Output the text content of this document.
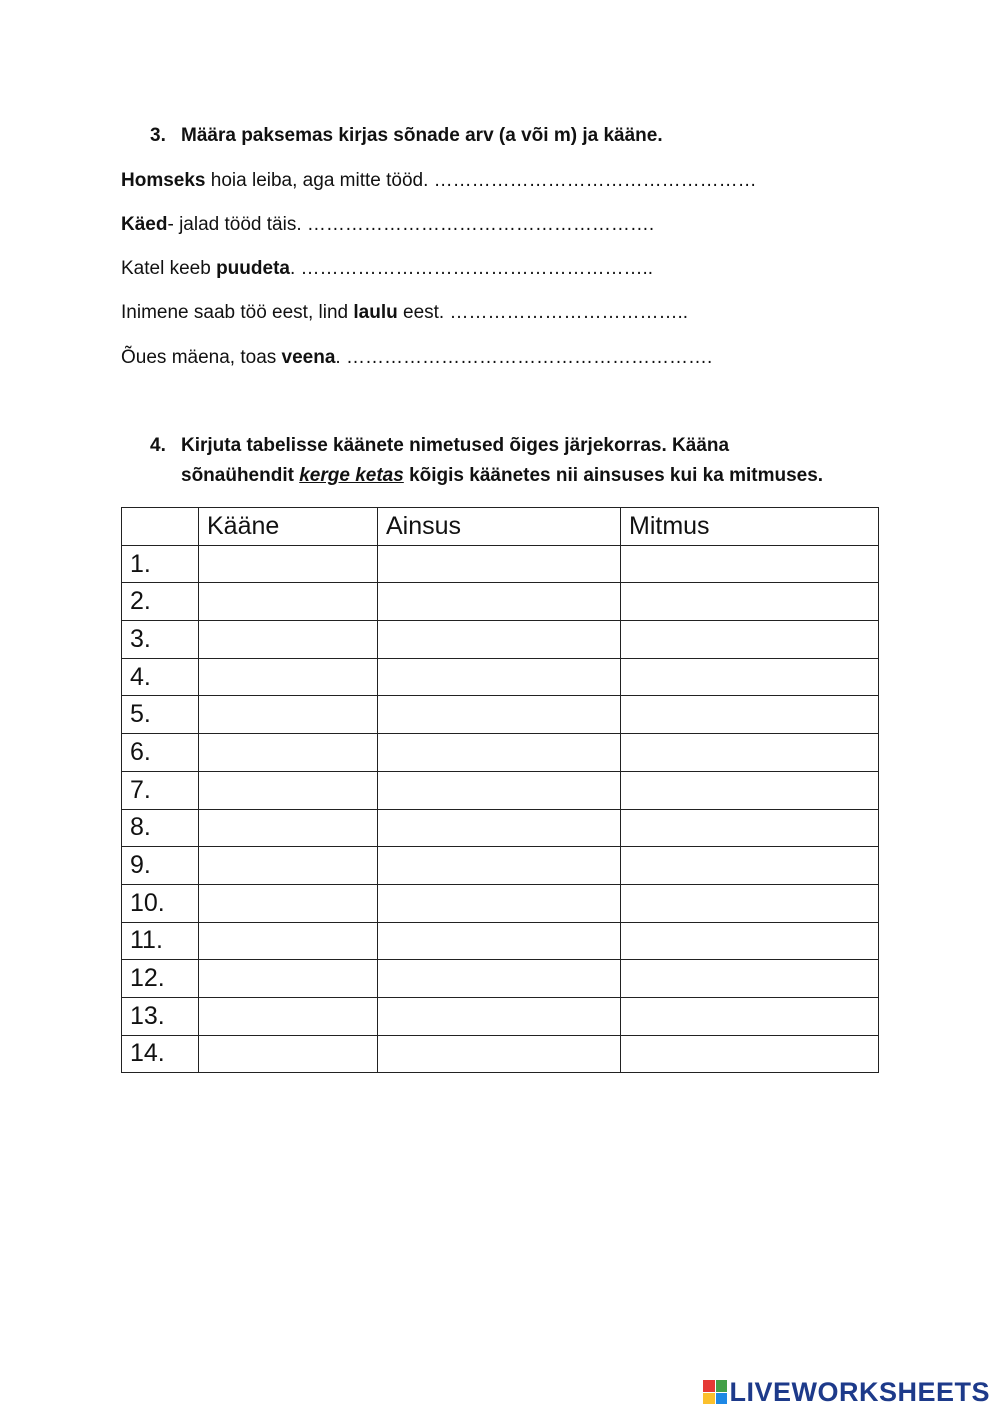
3. Määra paksemas kirjas sõnade arv (a või m) ja kääne.

Homseks hoia leiba, aga mitte tööd. ……………………………………………

Käed- jalad tööd täis. ……………………………………………….

Katel keeb puudeta. ………………………………………………..

Inimene saab töö eest, lind laulu eest. ………………………………..

Õues mäena, toas veena. ………………………………………………….

4. Kirjuta tabelisse käänete nimetused õiges järjekorras. Kääna
sõnaühendit kerge ketas kõigis käänetes nii ainsuses kui ka mitmuses.

	Kääne	Ainsus	Mitmus
1.			
2.			
3.			
4.			
5.			
6.			
7.			
8.			
9.			
10.			
11.			
12.			
13.			
14.			
LIVEWORKSHEETS
